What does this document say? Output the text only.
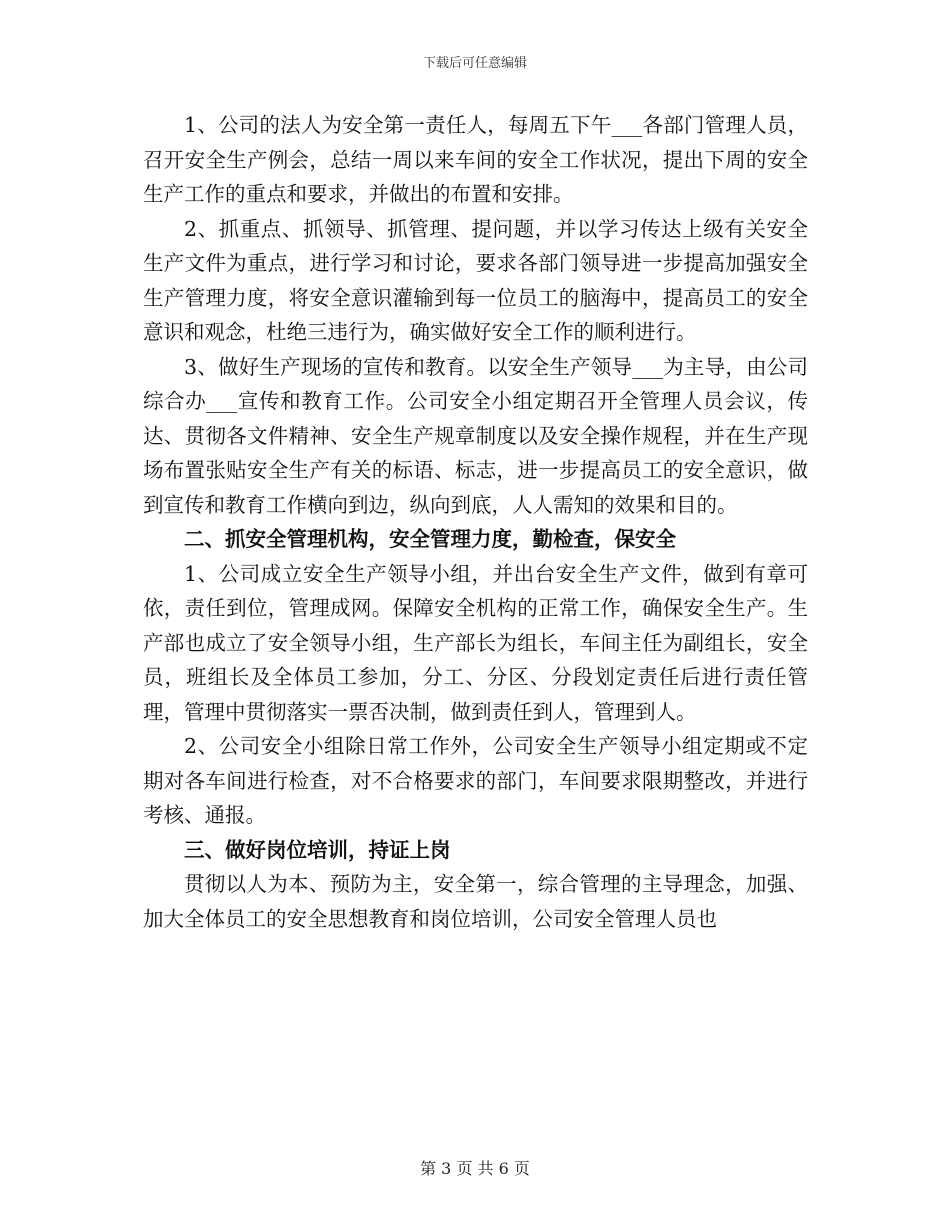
下载后可任意编辑

1、公司的法人为安全第一责任人，每周五下午___各部门管理人员，召开安全生产例会，总结一周以来车间的安全工作状况，提出下周的安全生产工作的重点和要求，并做出的布置和安排。

2、抓重点、抓领导、抓管理、提问题，并以学习传达上级有关安全生产文件为重点，进行学习和讨论，要求各部门领导进一步提高加强安全生产管理力度，将安全意识灌输到每一位员工的脑海中，提高员工的安全意识和观念，杜绝三违行为，确实做好安全工作的顺利进行。

3、做好生产现场的宣传和教育。以安全生产领导___为主导，由公司综合办___宣传和教育工作。公司安全小组定期召开全管理人员会议，传达、贯彻各文件精神、安全生产规章制度以及安全操作规程，并在生产现场布置张贴安全生产有关的标语、标志，进一步提高员工的安全意识，做到宣传和教育工作横向到边，纵向到底，人人需知的效果和目的。

二、抓安全管理机构，安全管理力度，勤检查，保安全

1、公司成立安全生产领导小组，并出台安全生产文件，做到有章可依，责任到位，管理成网。保障安全机构的正常工作，确保安全生产。生产部也成立了安全领导小组，生产部长为组长，车间主任为副组长，安全员，班组长及全体员工参加，分工、分区、分段划定责任后进行责任管理，管理中贯彻落实一票否决制，做到责任到人，管理到人。

2、公司安全小组除日常工作外，公司安全生产领导小组定期或不定期对各车间进行检查，对不合格要求的部门，车间要求限期整改，并进行考核、通报。

三、做好岗位培训，持证上岗

贯彻以人为本、预防为主，安全第一，综合管理的主导理念，加强、加大全体员工的安全思想教育和岗位培训，公司安全管理人员也

第 3 页 共 6 页
